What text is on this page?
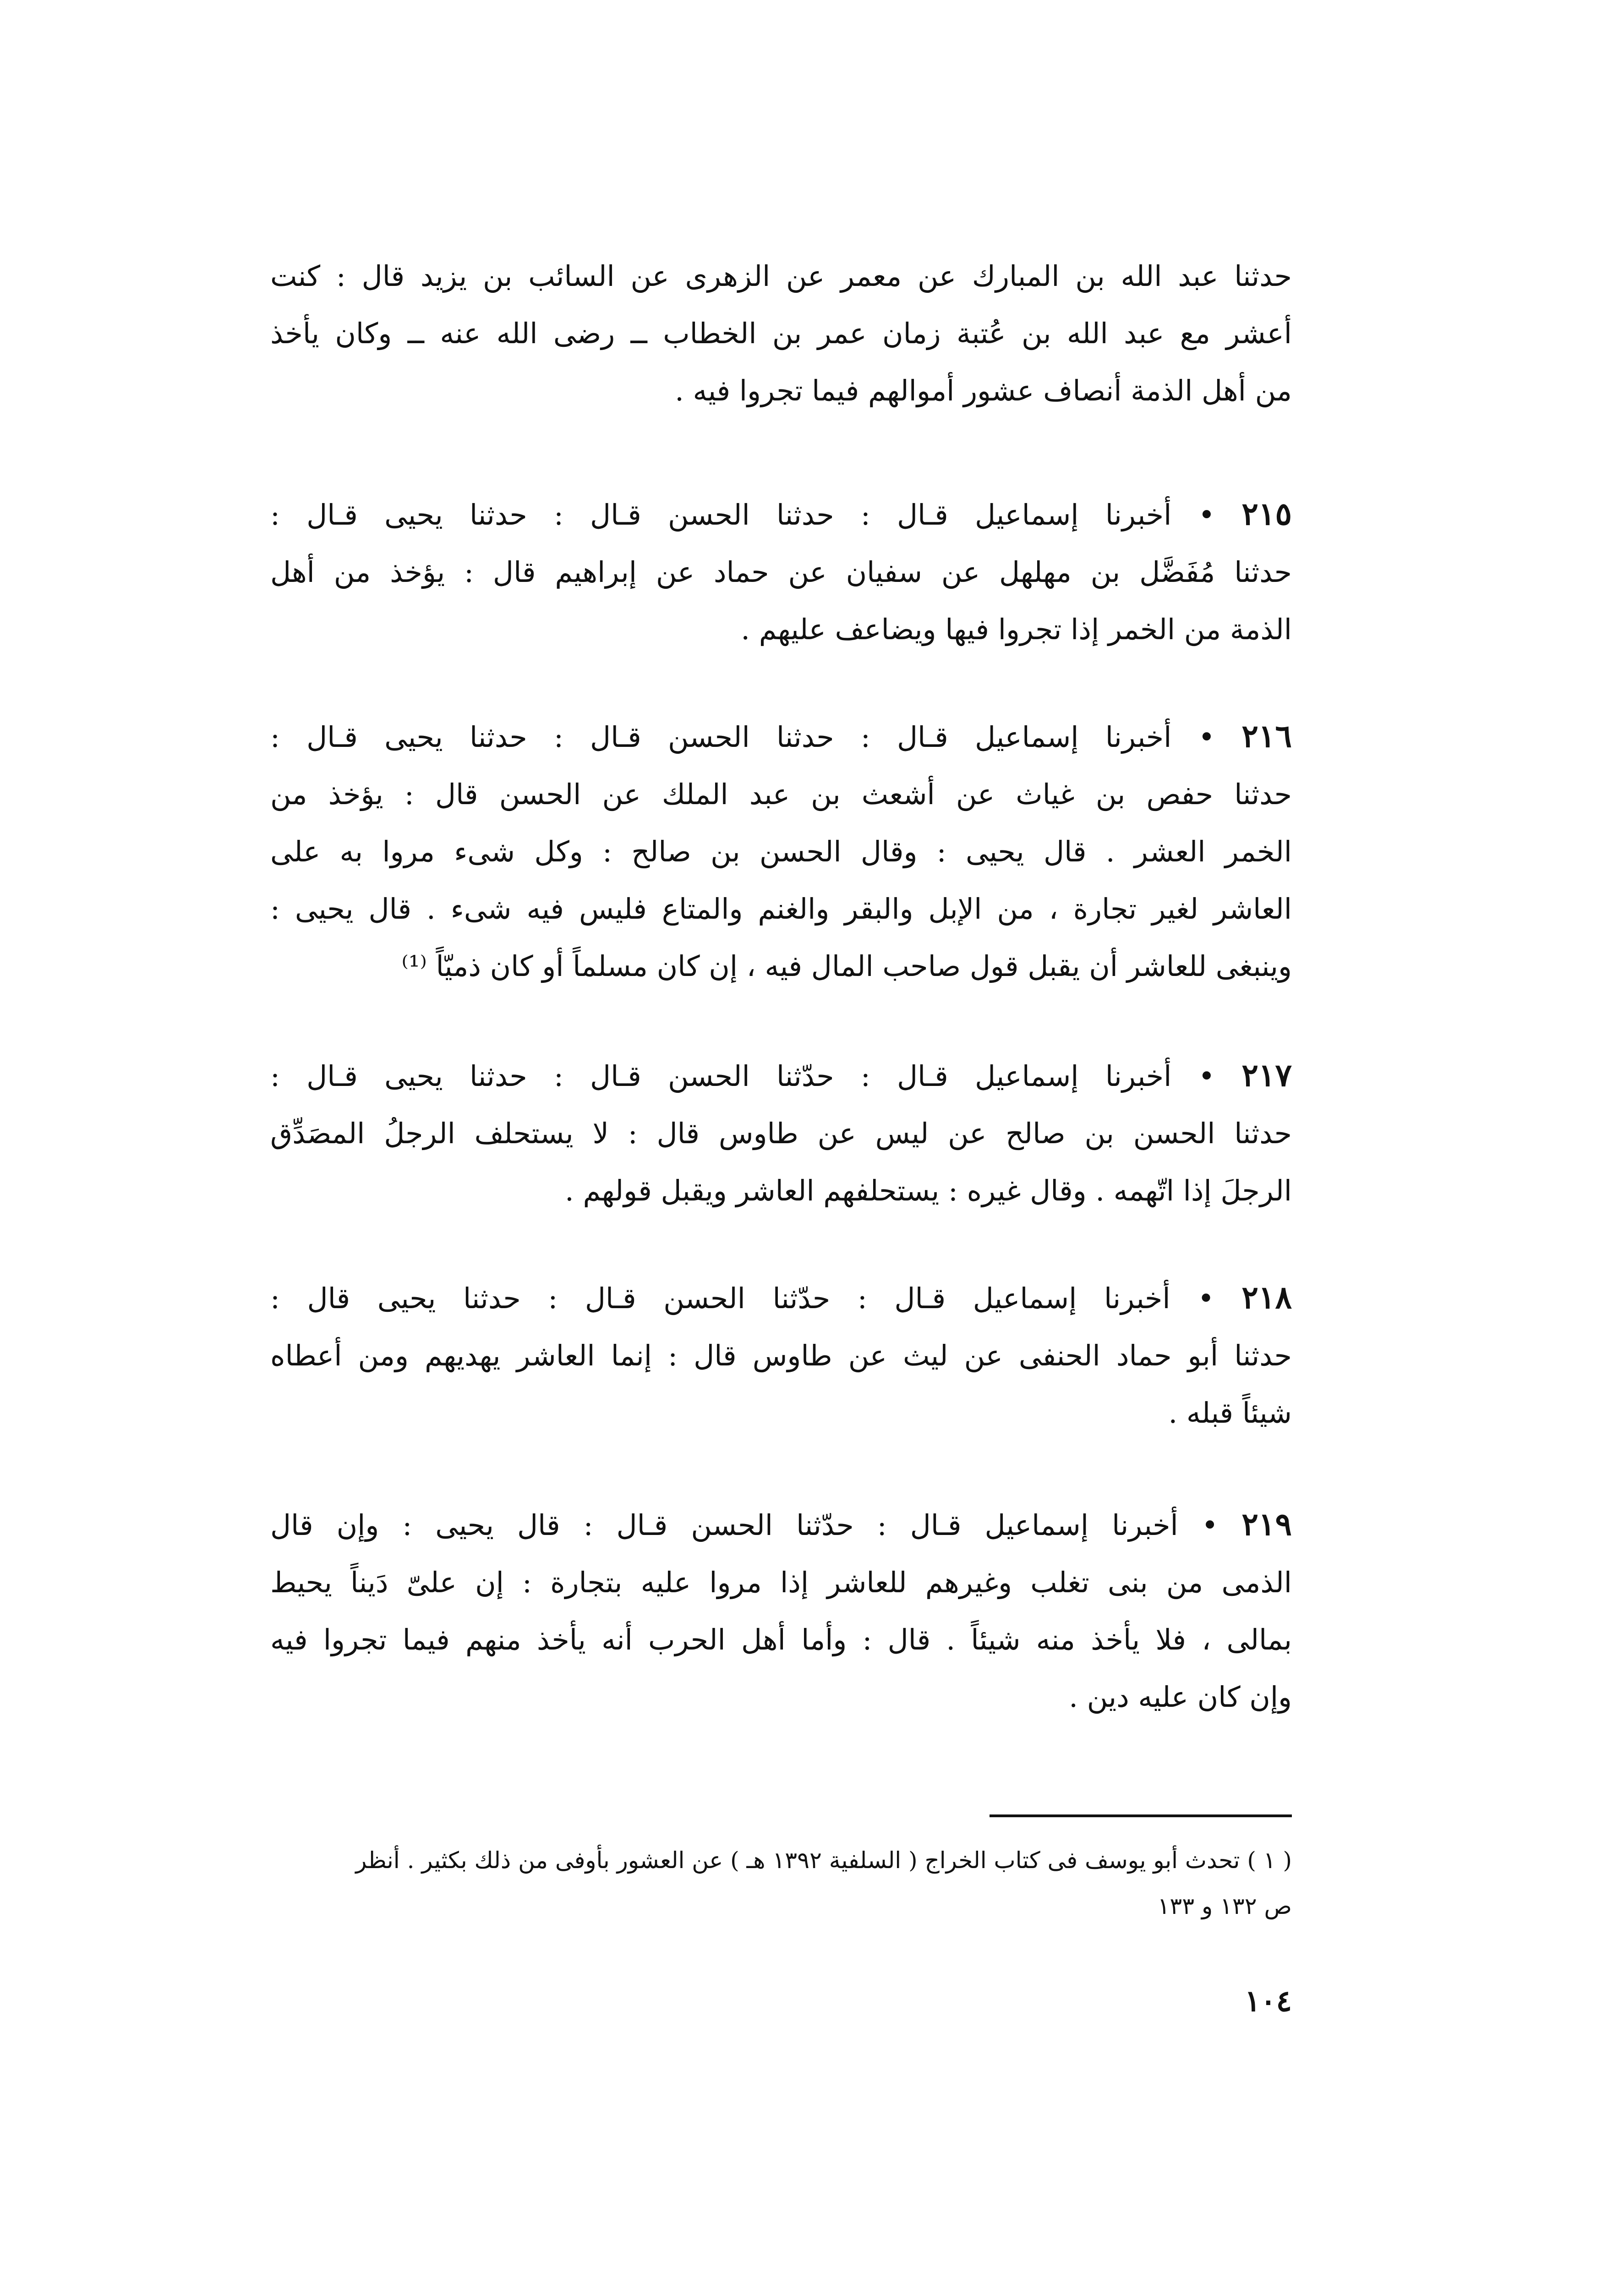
حدثنا عبد الله بن المبارك عن معمر عن الزهرى عن السائب بن يزيد قال : كنت
أعشر مع عبد الله بن عُتبة زمان عمر بن الخطاب ــ رضى الله عنه ــ وكان يأخذ
من أهل الذمة أنصاف عشور أموالهم فيما تجروا فيه .
٢١٥ • أخبرنا إسماعيل قـال : حدثنا الحسن قـال : حدثنا يحيى قـال :
حدثنا مُفَضَّل بن مهلهل عن سفيان عن حماد عن إبراهيم قال : يؤخذ من أهل
الذمة من الخمر إذا تجروا فيها ويضاعف عليهم .
٢١٦ • أخبرنا إسماعيل قـال : حدثنا الحسن قـال : حدثنا يحيى قـال :
حدثنا حفص بن غياث عن أشعث بن عبد الملك عن الحسن قال : يؤخذ من
الخمر العشر . قال يحيى : وقال الحسن بن صالح : وكل شىء مروا به على
العاشر لغير تجارة ، من الإبل والبقر والغنم والمتاع فليس فيه شىء . قال يحيى :
وينبغى للعاشر أن يقبل قول صاحب المال فيه ، إن كان مسلماً أو كان ذميّاً ⁽¹⁾
٢١٧ • أخبرنا إسماعيل قـال : حدّثنا الحسن قـال : حدثنا يحيى قـال :
حدثنا الحسن بن صالح عن ليس عن طاوس قال : لا يستحلف الرجلُ المصَدِّق
الرجلَ إذا اتّهمه . وقال غيره : يستحلفهم العاشر ويقبل قولهم .
٢١٨ • أخبرنا إسماعيل قـال : حدّثنا الحسن قـال : حدثنا يحيى قال :
حدثنا أبو حماد الحنفى عن ليث عن طاوس قال : إنما العاشر يهديهم ومن أعطاه
شيئاً قبله .
٢١٩ • أخبرنا إسماعيل قـال : حدّثنا الحسن قـال : قال يحيى : وإن قال
الذمى من بنى تغلب وغيرهم للعاشر إذا مروا عليه بتجارة : إن علىّ دَيناً يحيط
بمالى ، فلا يأخذ منه شيئاً . قال : وأما أهل الحرب أنه يأخذ منهم فيما تجروا فيه
وإن كان عليه دين .
( ١ ) تحدث أبو يوسف فى كتاب الخراج ( السلفية ١٣٩٢ هـ ) عن العشور بأوفى من ذلك بكثير . أنظر
ص ١٣٢ و ١٣٣
١٠٤
